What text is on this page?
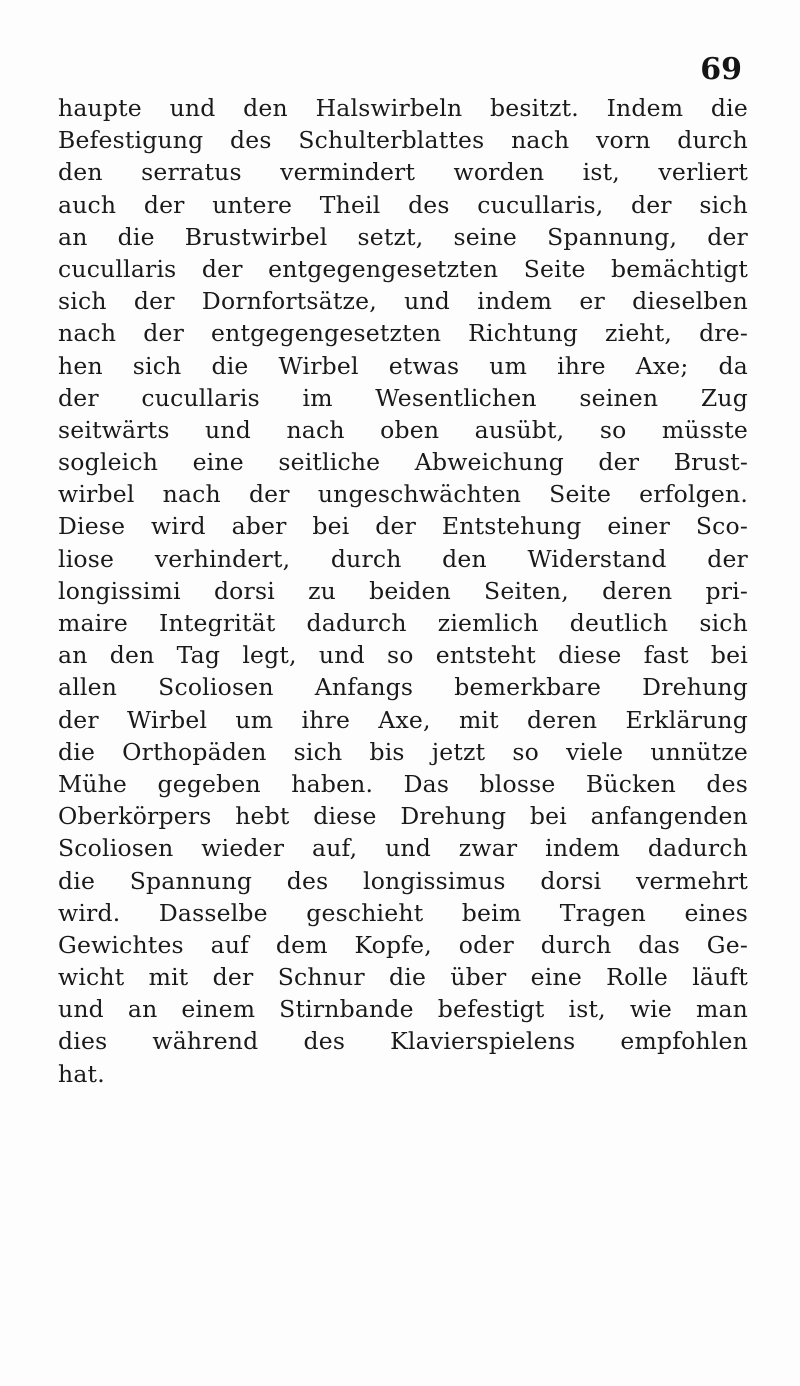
69
haupte und den Halswirbeln besitzt. Indem die
Befestigung des Schulterblattes nach vorn durch
den serratus vermindert worden ist, verliert
auch der untere Theil des cucullaris, der sich
an die Brustwirbel setzt, seine Spannung, der
cucullaris der entgegengesetzten Seite bemächtigt
sich der Dornfortsätze, und indem er dieselben
nach der entgegengesetzten Richtung zieht, dre-
hen sich die Wirbel etwas um ihre Axe; da
der cucullaris im Wesentlichen seinen Zug
seitwärts und nach oben ausübt, so müsste
sogleich eine seitliche Abweichung der Brust-
wirbel nach der ungeschwächten Seite erfolgen.
Diese wird aber bei der Entstehung einer Sco-
liose verhindert, durch den Widerstand der
longissimi dorsi zu beiden Seiten, deren pri-
maire Integrität dadurch ziemlich deutlich sich
an den Tag legt, und so entsteht diese fast bei
allen Scoliosen Anfangs bemerkbare Drehung
der Wirbel um ihre Axe, mit deren Erklärung
die Orthopäden sich bis jetzt so viele unnütze
Mühe gegeben haben. Das blosse Bücken des
Oberkörpers hebt diese Drehung bei anfangenden
Scoliosen wieder auf, und zwar indem dadurch
die Spannung des longissimus dorsi vermehrt
wird. Dasselbe geschieht beim Tragen eines
Gewichtes auf dem Kopfe, oder durch das Ge-
wicht mit der Schnur die über eine Rolle läuft
und an einem Stirnbande befestigt ist, wie man
dies während des Klavierspielens empfohlen
hat.
